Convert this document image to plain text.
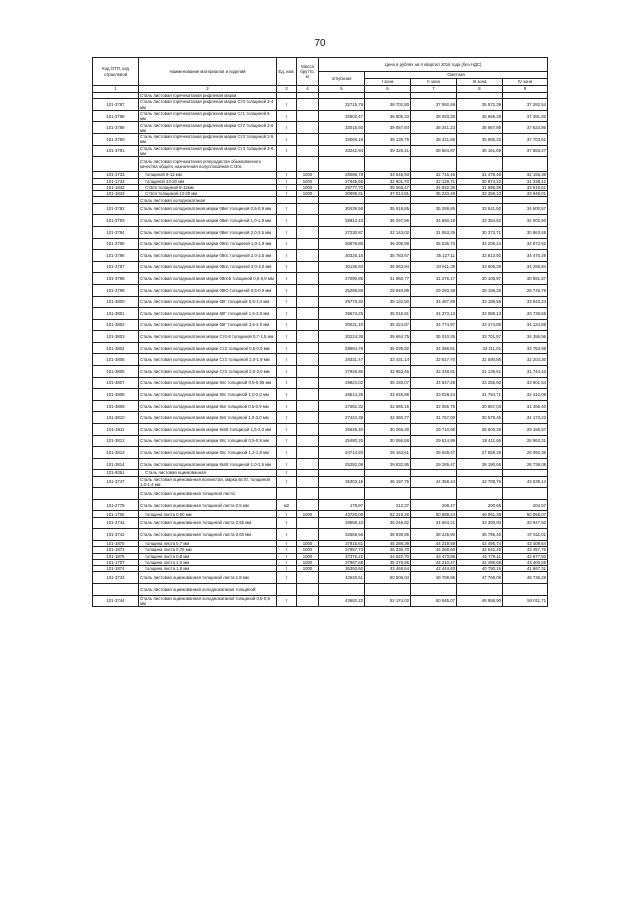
70
Код ОТП, код отраслевой	Наименование материалов и изделий	Ед. изм.	Масса брутто, кг	Цена в рублях на II квартал 2016 года (без НДС)				
				отпускная	Сметная			
					I зона	II зона	III зона	IV зона
1	2	3	4	5	6	7	8	9
	Сталь листовая горячекатаная рифленая марки:							
101-3787	Сталь листовая горячекатаная рифленая марки Ст0 толщиной 3-4 мм	т		32715,79	38 702,80	37 992,69	35 572,39	37 282,54
101-3788	Сталь листовая горячекатаная рифленая марки Ст1 толщиной 6 мм	т		32802,47	38 805,33	38 093,35	35 669,28	37 381,82
101-3789	Сталь листовая горячекатаная рифленая марки Ст2 толщиной 3-6 мм	т		33015,92	39 057,84	38 341,23	35 967,89	37 624,86
101-3790	Сталь листовая горячекатаная рифленая марки Ст3 толщиной 2-5 мм	т		33066,19	39 139,79	38 421,68	35 985,33	37 703,51
101-3791	Сталь листовая горячекатаная рифленая марки Ст3 толщиной 3-6 мм	т		33242,94	39 326,41	38 604,87	36 161,69	37 883,27
	Сталь листовая горячекатаная углеродистая обыкновенного качества общего назначения полуспокойная Ст3пс							
101-1733	толщиной 9-12 мм	т	1000	28085,78	33 545,93	32 715,46	31 478,46	32 155,36
101-1734	толщиной 13-20 мм	т	1000	27645,65	32 901,70	32 129,71	30 874,22	31 338,12
101-1842	Ст3сп толщиной 9-12мм	т	1000	29777,70	35 566,47	34 842,36	31 996,39	33 615,51
101-1843	Ст3сп толщиной 13-20 мм	т	1000	30999,31	37 014,81	35 233,49	33 258,13	33 948,01
	Сталь листовая холоднокатаная							
101-3792	Сталь листовая холоднокатаная марки 08кп толщиной 0,5-0,9 мм	т		30439,58	35 918,65	35 259,65	33 541,50	34 600,57
101-3793	Сталь листовая холоднокатаная марки 08кп толщиной 1,0-1,9 мм	т		29913,43	35 297,86	34 650,18	33 354,62	34 002,50
101-3794	Сталь листовая холоднокатаная марки 08кп толщиной 2,0-3,5 мм	т		27230,87	32 143,02	31 553,26	30 373,71	30 963,48
101-3795	Сталь листовая холоднокатаная марки 08пс толщиной 1,0-1,9 мм	т		30678,80	36 200,98	35 536,73	34 208,24	34 872,52
101-3796	Сталь листовая холоднокатаная марки 08пс толщиной 2,0-2,5 мм	т		30325,15	35 783,67	35 127,11	33 813,92	34 470,49
101-3797	Сталь листовая холоднокатаная марки 08пс толщиной 3,0-4,0 мм	т		30136,93	35 563,94	34 911,39	33 606,29	34 256,84
101-3798	Сталь листовая холоднокатаная марки 08пс5 толщиной 0,5-0,9 мм	т		27090,85	31 960,77	31 276,17	30 106,97	30 691,57
101-3799	Сталь листовая холоднокатаная марки 08Ю толщиной 0,5-0,9 мм	т		25288,89	29 840,89	29 293,38	28 198,26	28 745,79
101-3800	Сталь листовая холоднокатаная марки 65Г толщиной 0,5-1,4 мм	т		29773,32	35 132,50	34 487,89	33 198,58	33 843,24
101-3801	Сталь листовая холоднокатаная марки 65Г толщиной 1,5-3,0 мм	т		29674,25	35 015,61	34 373,13	33 088,13	33 730,65
101-3802	Сталь листовая холоднокатаная марки 65Г толщиной 3,5-4,0 мм	т		30021,10	35 424,87	34 774,87	33 474,85	34 124,88
101-3803	Сталь листовая холоднокатаная марки Ст0-8 толщиной 0,7-1,5 мм	т		30224,38	35 664,75	35 010,35	33 701,57	34 355,96
101-3804	Сталь листовая холоднокатаная марки Ст3 толщиной 0,5-0,9 мм	т		29684,78	35 039,82	34 396,81	33 111,01	33 753,98
101-3805	Сталь листовая холоднокатаная марки Ст3 толщиной 1,0-1,9 мм	т		28331,47	33 431,14	32 617,70	31 590,85	32 204,30
101-3806	Сталь листовая холоднокатаная марки Ст3 толщиной 2,0-3,0 мм	т		27926,95	32 953,46	32 348,81	31 139,51	31 744,10
101-3807	Сталь листовая холоднокатаная марки 8пс толщиной 0,5-0,95 мм	т		29824,02	35 193,07	34 547,28	33 255,60	33 901,54
101-3808	Сталь листовая холоднокатаная марки 8пс толщиной 1,0-2,0 мм	т		28514,28	33 646,88	33 029,44	31 794,71	32 412,08
101-3809	Сталь листовая холоднокатаная марки 8кп толщиной 0,5-0,9 мм	т		27682,32	32 665,15	32 065,75	30 867,03	31 466,40
101-3810	Сталь листовая холоднокатаная марки 8кп толщиной 1,0-3,0 мм	т		27424,38	32 360,77	31 767,00	30 579,45	31 173,23
101-3811	Сталь листовая холоднокатаная марки 8кп5 толщиной 1,5-2,0 мм	т		25649,40	30 266,28	29 710,95	28 600,28	29 155,57
101-3812	Сталь листовая холоднокатаная марки 8пс толщиной 0,5-0,9 мм	т		25480,25	30 066,68	29 514,99	28 411,66	28 963,31
101-3813	Сталь листовая холоднокатаная марки 8пс толщиной 1,2-1,8 мм	т		24714,93	29 163,61	28 628,47	27 558,29	28 093,36
101-3814	Сталь листовая холоднокатаная марки 8кп5 толщиной 1,0-1,6 мм	т		25282,09	29 832,85	29 285,47	28 190,65	28 738,08
101-9351	Сталь листовая оцинкованная	т						
101-3747	Сталь листовая оцинкованная волнистая, марка Бст0, толщиной 1,0-1,4 мм	т		36303,18	46 197,75	44 358,44	42 709,76	43 539,14
	Сталь листовая оцинкованная толщиной листа:							
101-2778	Сталь листовая оцинкованная толщиной листа 0,5 мм	м2		179,97	212,37	208,47	200,68	204,57
101-1706	толщина листа 0,50 мм	т	1000	43720,09	52 219,26	50 989,24	49 061,38	50 055,07
101-3741	Сталь листовая оцинкованная толщиной листа 0,55 мм	т		29665,10	35 246,82	34 604,21	33 300,93	33 947,50
101-3742	Сталь листовая оцинкованная толщиной листа 0,60 мм	т		32669,56	38 939,85	38 225,90	36 796,46	37 511,01
101-1875	толщина листа 0,7 мм	т	1000	37915,61	45 286,39	44 219,58	42 495,74	43 409,54
101-1873	толщина листа 0,75 мм	т	1000	37957,73	45 336,70	44 268,60	42 542,25	43 457,76
101-1876	толщина листа 0,8 мм	т	1000	37376,22	44 522,70	43 473,98	41 779,11	42 677,50
101-1707	толщина листа 1,0 мм	т	1000	37967,69	45 278,95	44 210,47	42 486,69	43 400,55
101-1874	толщина листа 1,5 мм	т	1000	36393,60	43 468,64	42 444,93	40 790,16	41 667,31
101-3743	Сталь листовая оцинкованная толщиной листа 1,8 мм	т		42620,51	50 506,04	49 708,86	47 769,09	48 736,28
	Сталь листовая оцинкованная холоднокатаная толщиной:							
101-3744	Сталь листовая оцинкованная холоднокатаная толщиной 0,5-0,9 мм	т		43682,22	52 174,02	50 945,07	48 958,90	50 011,71
